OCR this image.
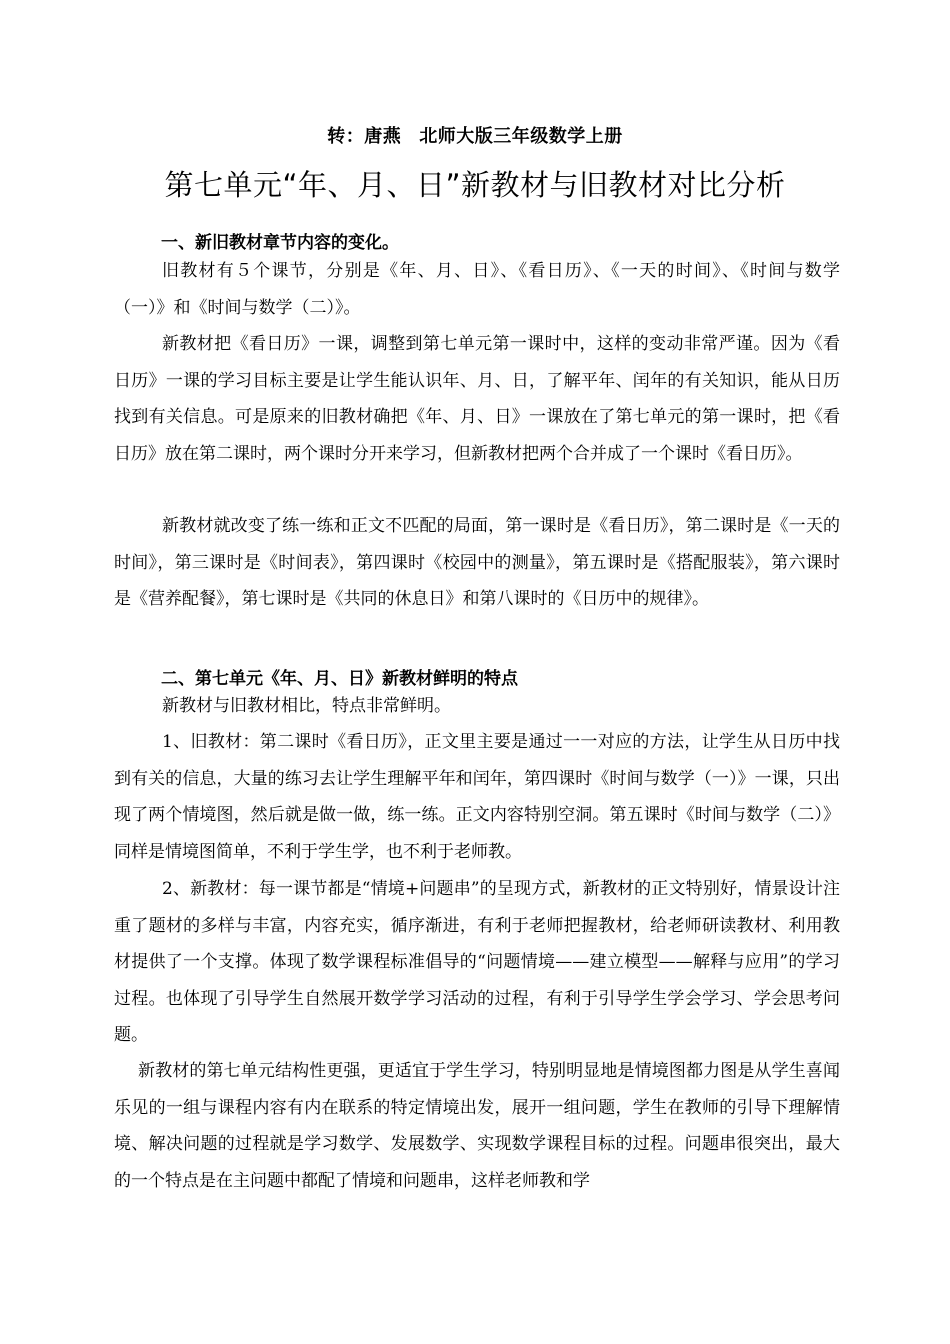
转：唐燕 北师大版三年级数学上册
第七单元“年、月、日”新教材与旧教材对比分析
一、新旧教材章节内容的变化。

旧教材有５个课节，分别是《年、月、日》、《看日历》、《一天的时间》、《时间与数学（一）》和《时间与数学（二）》。

新教材把《看日历》一课，调整到第七单元第一课时中，这样的变动非常严谨。因为《看日历》一课的学习目标主要是让学生能认识年、月、日，了解平年、闰年的有关知识，能从日历找到有关信息。可是原来的旧教材确把《年、月、日》一课放在了第七单元的第一课时，把《看日历》放在第二课时，两个课时分开来学习，但新教材把两个合并成了一个课时《看日历》。

新教材就改变了练一练和正文不匹配的局面，第一课时是《看日历》，第二课时是《一天的时间》，第三课时是《时间表》，第四课时《校园中的测量》，第五课时是《搭配服装》，第六课时是《营养配餐》，第七课时是《共同的休息日》和第八课时的《日历中的规律》。

二、第七单元《年、月、日》新教材鲜明的特点

新教材与旧教材相比，特点非常鲜明。

1、旧教材：第二课时《看日历》，正文里主要是通过一一对应的方法，让学生从日历中找到有关的信息，大量的练习去让学生理解平年和闰年，第四课时《时间与数学（一）》一课，只出现了两个情境图，然后就是做一做，练一练。正文内容特别空洞。第五课时《时间与数学（二）》同样是情境图简单，不利于学生学，也不利于老师教。

2、新教材：每一课节都是“情境+问题串”的呈现方式，新教材的正文特别好，情景设计注重了题材的多样与丰富，内容充实，循序渐进，有利于老师把握教材，给老师研读教材、利用教材提供了一个支撑。体现了数学课程标准倡导的“问题情境——建立模型——解释与应用”的学习过程。也体现了引导学生自然展开数学学习活动的过程，有利于引导学生学会学习、学会思考问题。

新教材的第七单元结构性更强，更适宜于学生学习，特别明显地是情境图都力图是从学生喜闻乐见的一组与课程内容有内在联系的特定情境出发，展开一组问题，学生在教师的引导下理解情境、解决问题的过程就是学习数学、发展数学、实现数学课程目标的过程。问题串很突出，最大的一个特点是在主问题中都配了情境和问题串，这样老师教和学
